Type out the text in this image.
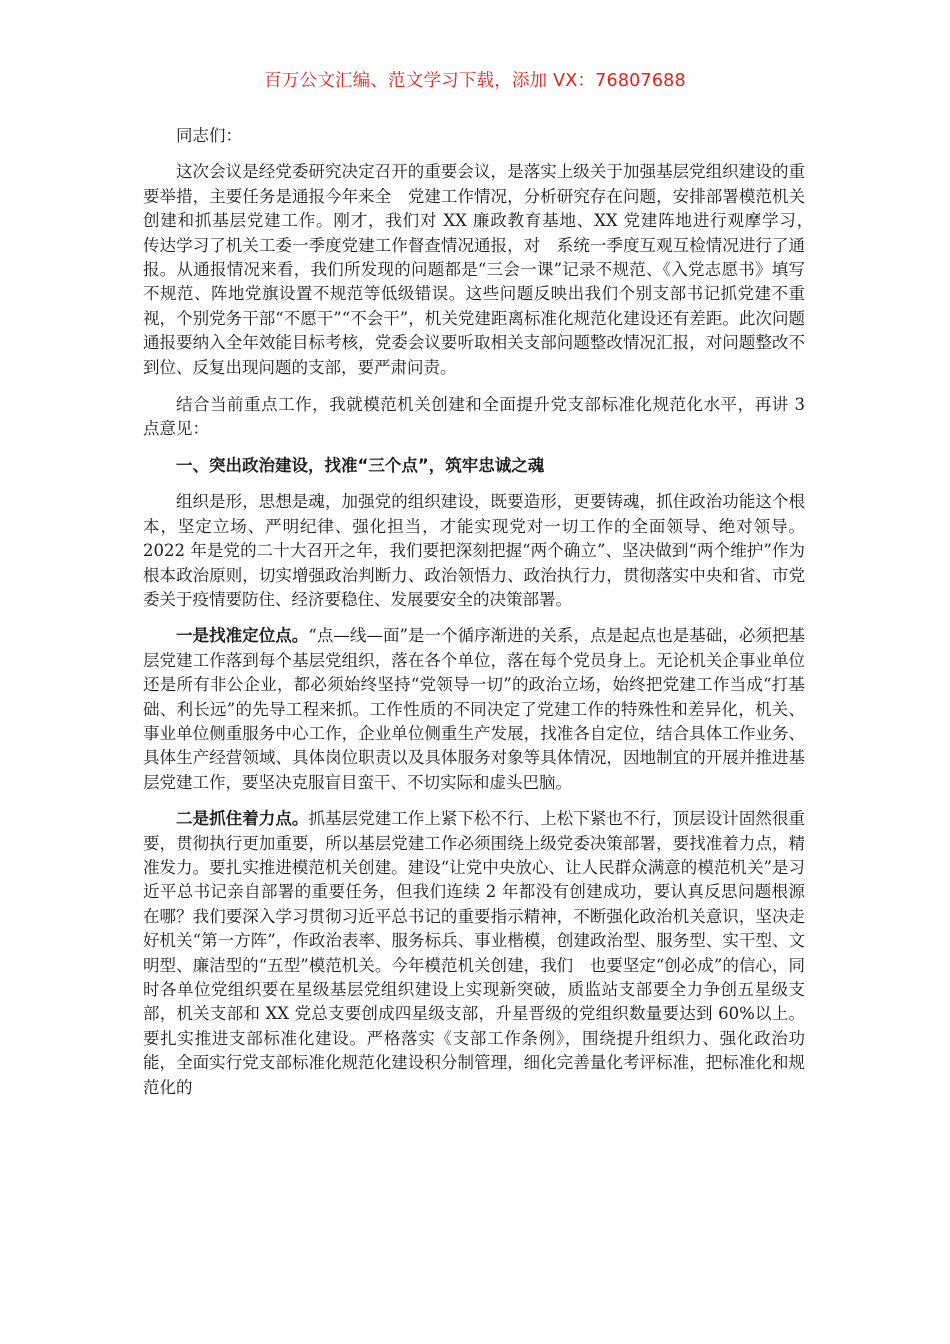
百万公文汇编、范文学习下载，添加 VX：76807688

同志们：

这次会议是经党委研究决定召开的重要会议，是落实上级关于加强基层党组织建设的重要举措，主要任务是通报今年来全　党建工作情况，分析研究存在问题，安排部署模范机关创建和抓基层党建工作。刚才，我们对 XX 廉政教育基地、XX 党建阵地进行观摩学习，　传达学习了机关工委一季度党建工作督查情况通报，对　系统一季度互观互检情况进行了通报。从通报情况来看，我们所发现的问题都是“三会一课”记录不规范、《入党志愿书》填写不规范、阵地党旗设置不规范等低级错误。这些问题反映出我们个别支部书记抓党建不重视，个别党务干部“不愿干”“不会干”，机关党建距离标准化规范化建设还有差距。此次问题通报要纳入全年效能目标考核，党委会议要听取相关支部问题整改情况汇报，对问题整改不到位、反复出现问题的支部，要严肃问责。

结合当前重点工作，我就模范机关创建和全面提升党支部标准化规范化水平，再讲 3 点意见：

一、突出政治建设，找准“三个点”，筑牢忠诚之魂

组织是形，思想是魂，加强党的组织建设，既要造形，更要铸魂，抓住政治功能这个根本，坚定立场、严明纪律、强化担当，才能实现党对一切工作的全面领导、绝对领导。2022 年是党的二十大召开之年，我们要把深刻把握“两个确立”、坚决做到“两个维护”作为根本政治原则，切实增强政治判断力、政治领悟力、政治执行力，贯彻落实中央和省、市党委关于疫情要防住、经济要稳住、发展要安全的决策部署。

一是找准定位点。“点—线—面”是一个循序渐进的关系，点是起点也是基础，必须把基层党建工作落到每个基层党组织，落在各个单位，落在每个党员身上。无论机关企事业单位还是所有非公企业，都必须始终坚持“党领导一切”的政治立场，始终把党建工作当成“打基础、利长远”的先导工程来抓。工作性质的不同决定了党建工作的特殊性和差异化，机关、事业单位侧重服务中心工作，企业单位侧重生产发展，找准各自定位，结合具体工作业务、具体生产经营领域、具体岗位职责以及具体服务对象等具体情况，因地制宜的开展并推进基层党建工作，要坚决克服盲目蛮干、不切实际和虚头巴脑。

二是抓住着力点。抓基层党建工作上紧下松不行、上松下紧也不行，顶层设计固然很重要，贯彻执行更加重要，所以基层党建工作必须围绕上级党委决策部署，要找准着力点，精准发力。要扎实推进模范机关创建。建设“让党中央放心、让人民群众满意的模范机关”是习近平总书记亲自部署的重要任务，但我们连续 2 年都没有创建成功，要认真反思问题根源在哪？我们要深入学习贯彻习近平总书记的重要指示精神，不断强化政治机关意识，坚决走好机关“第一方阵”，作政治表率、服务标兵、事业楷模，创建政治型、服务型、实干型、文明型、廉洁型的“五型”模范机关。今年模范机关创建，我们　也要坚定“创必成”的信心，同时各单位党组织要在星级基层党组织建设上实现新突破，质监站支部要全力争创五星级支部，机关支部和 XX 党总支要创成四星级支部，升星晋级的党组织数量要达到 60%以上。要扎实推进支部标准化建设。严格落实《支部工作条例》，围绕提升组织力、强化政治功能，全面实行党支部标准化规范化建设积分制管理，细化完善量化考评标准，把标准化和规范化的
